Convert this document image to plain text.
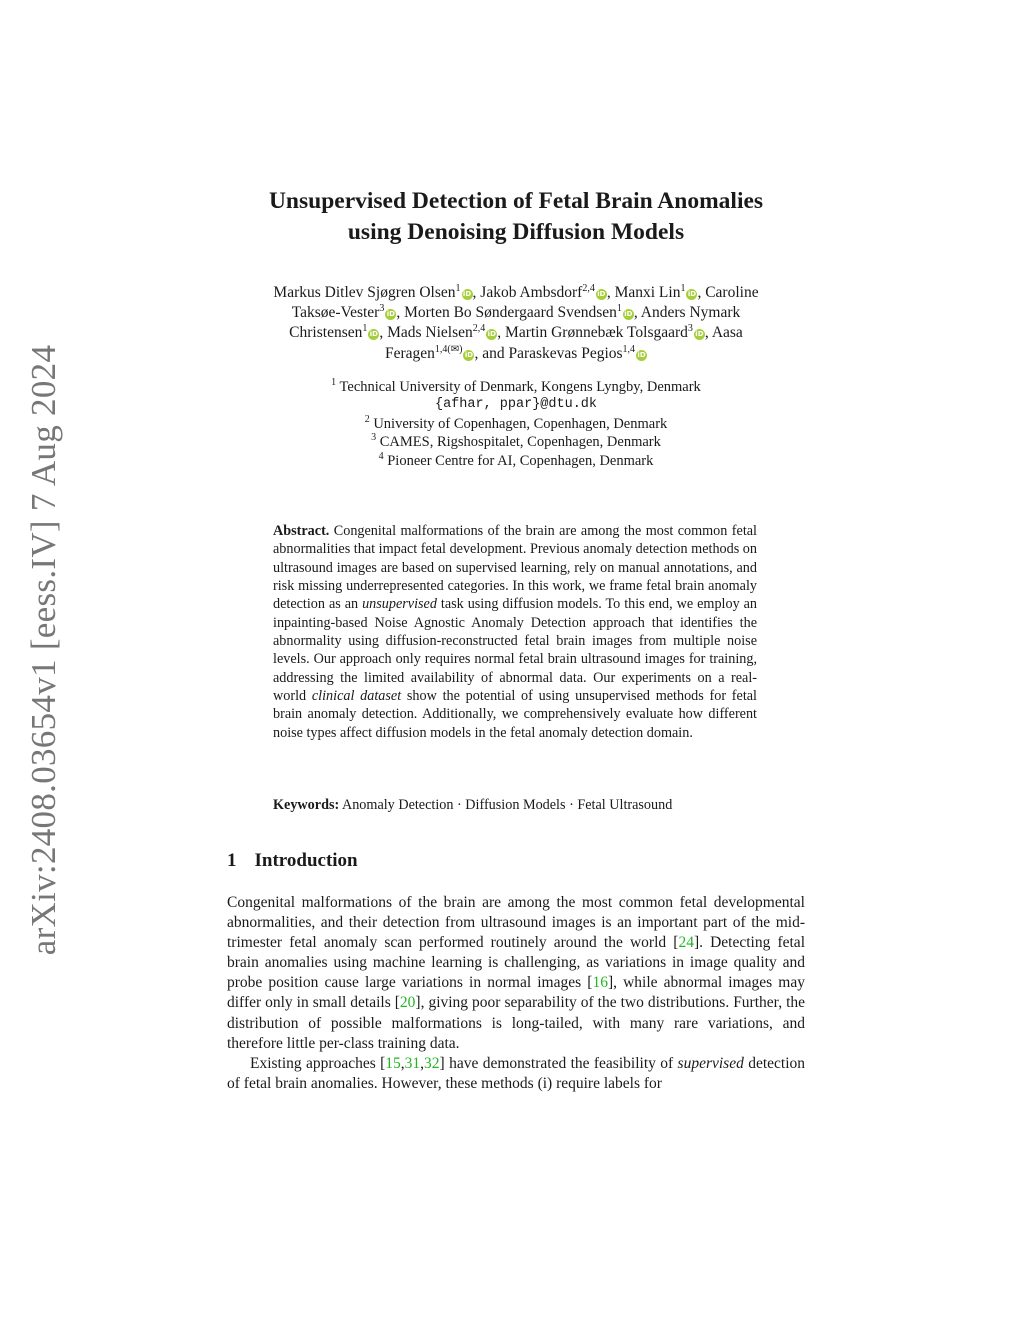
arXiv:2408.03654v1 [eess.IV] 7 Aug 2024
Unsupervised Detection of Fetal Brain Anomalies
using Denoising Diffusion Models
Markus Ditlev Sjøgren Olsen$^1$iD, Jakob Ambsdorf$^{2,4}$iD, Manxi Lin$^1$iD, Caroline
Taksøe-Vester$^3$iD, Morten Bo Søndergaard Svendsen$^1$iD, Anders Nymark
Christensen$^1$iD, Mads Nielsen$^{2,4}$iD, Martin Grønnebæk Tolsgaard$^3$iD, Aasa
Feragen$^{1,4(✉)}$iD, and Paraskevas Pegios$^{1,4}$iD
$^1$ Technical University of Denmark, Kongens Lyngby, Denmark
{afhar, ppar}@dtu.dk
$^2$ University of Copenhagen, Copenhagen, Denmark
$^3$ CAMES, Rigshospitalet, Copenhagen, Denmark
$^4$ Pioneer Centre for AI, Copenhagen, Denmark
Abstract. Congenital malformations of the brain are among the most common fetal abnormalities that impact fetal development. Previous anomaly detection methods on ultrasound images are based on supervised learning, rely on manual annotations, and risk missing underrepresented categories. In this work, we frame fetal brain anomaly detection as an unsupervised task using diffusion models. To this end, we employ an inpainting-based Noise Agnostic Anomaly Detection approach that identifies the abnormality using diffusion-reconstructed fetal brain images from multiple noise levels. Our approach only requires normal fetal brain ultrasound images for training, addressing the limited availability of abnormal data. Our experiments on a real-world clinical dataset show the potential of using unsupervised methods for fetal brain anomaly detection. Additionally, we comprehensively evaluate how different noise types affect diffusion models in the fetal anomaly detection domain.
Keywords: Anomaly Detection · Diffusion Models · Fetal Ultrasound
1 Introduction

Congenital malformations of the brain are among the most common fetal developmental abnormalities, and their detection from ultrasound images is an important part of the mid-trimester fetal anomaly scan performed routinely around the world [24]. Detecting fetal brain anomalies using machine learning is challenging, as variations in image quality and probe position cause large variations in normal images [16], while abnormal images may differ only in small details [20], giving poor separability of the two distributions. Further, the distribution of possible malformations is long-tailed, with many rare variations, and therefore little per-class training data.

Existing approaches [15,31,32] have demonstrated the feasibility of supervised detection of fetal brain anomalies. However, these methods (i) require labels for
